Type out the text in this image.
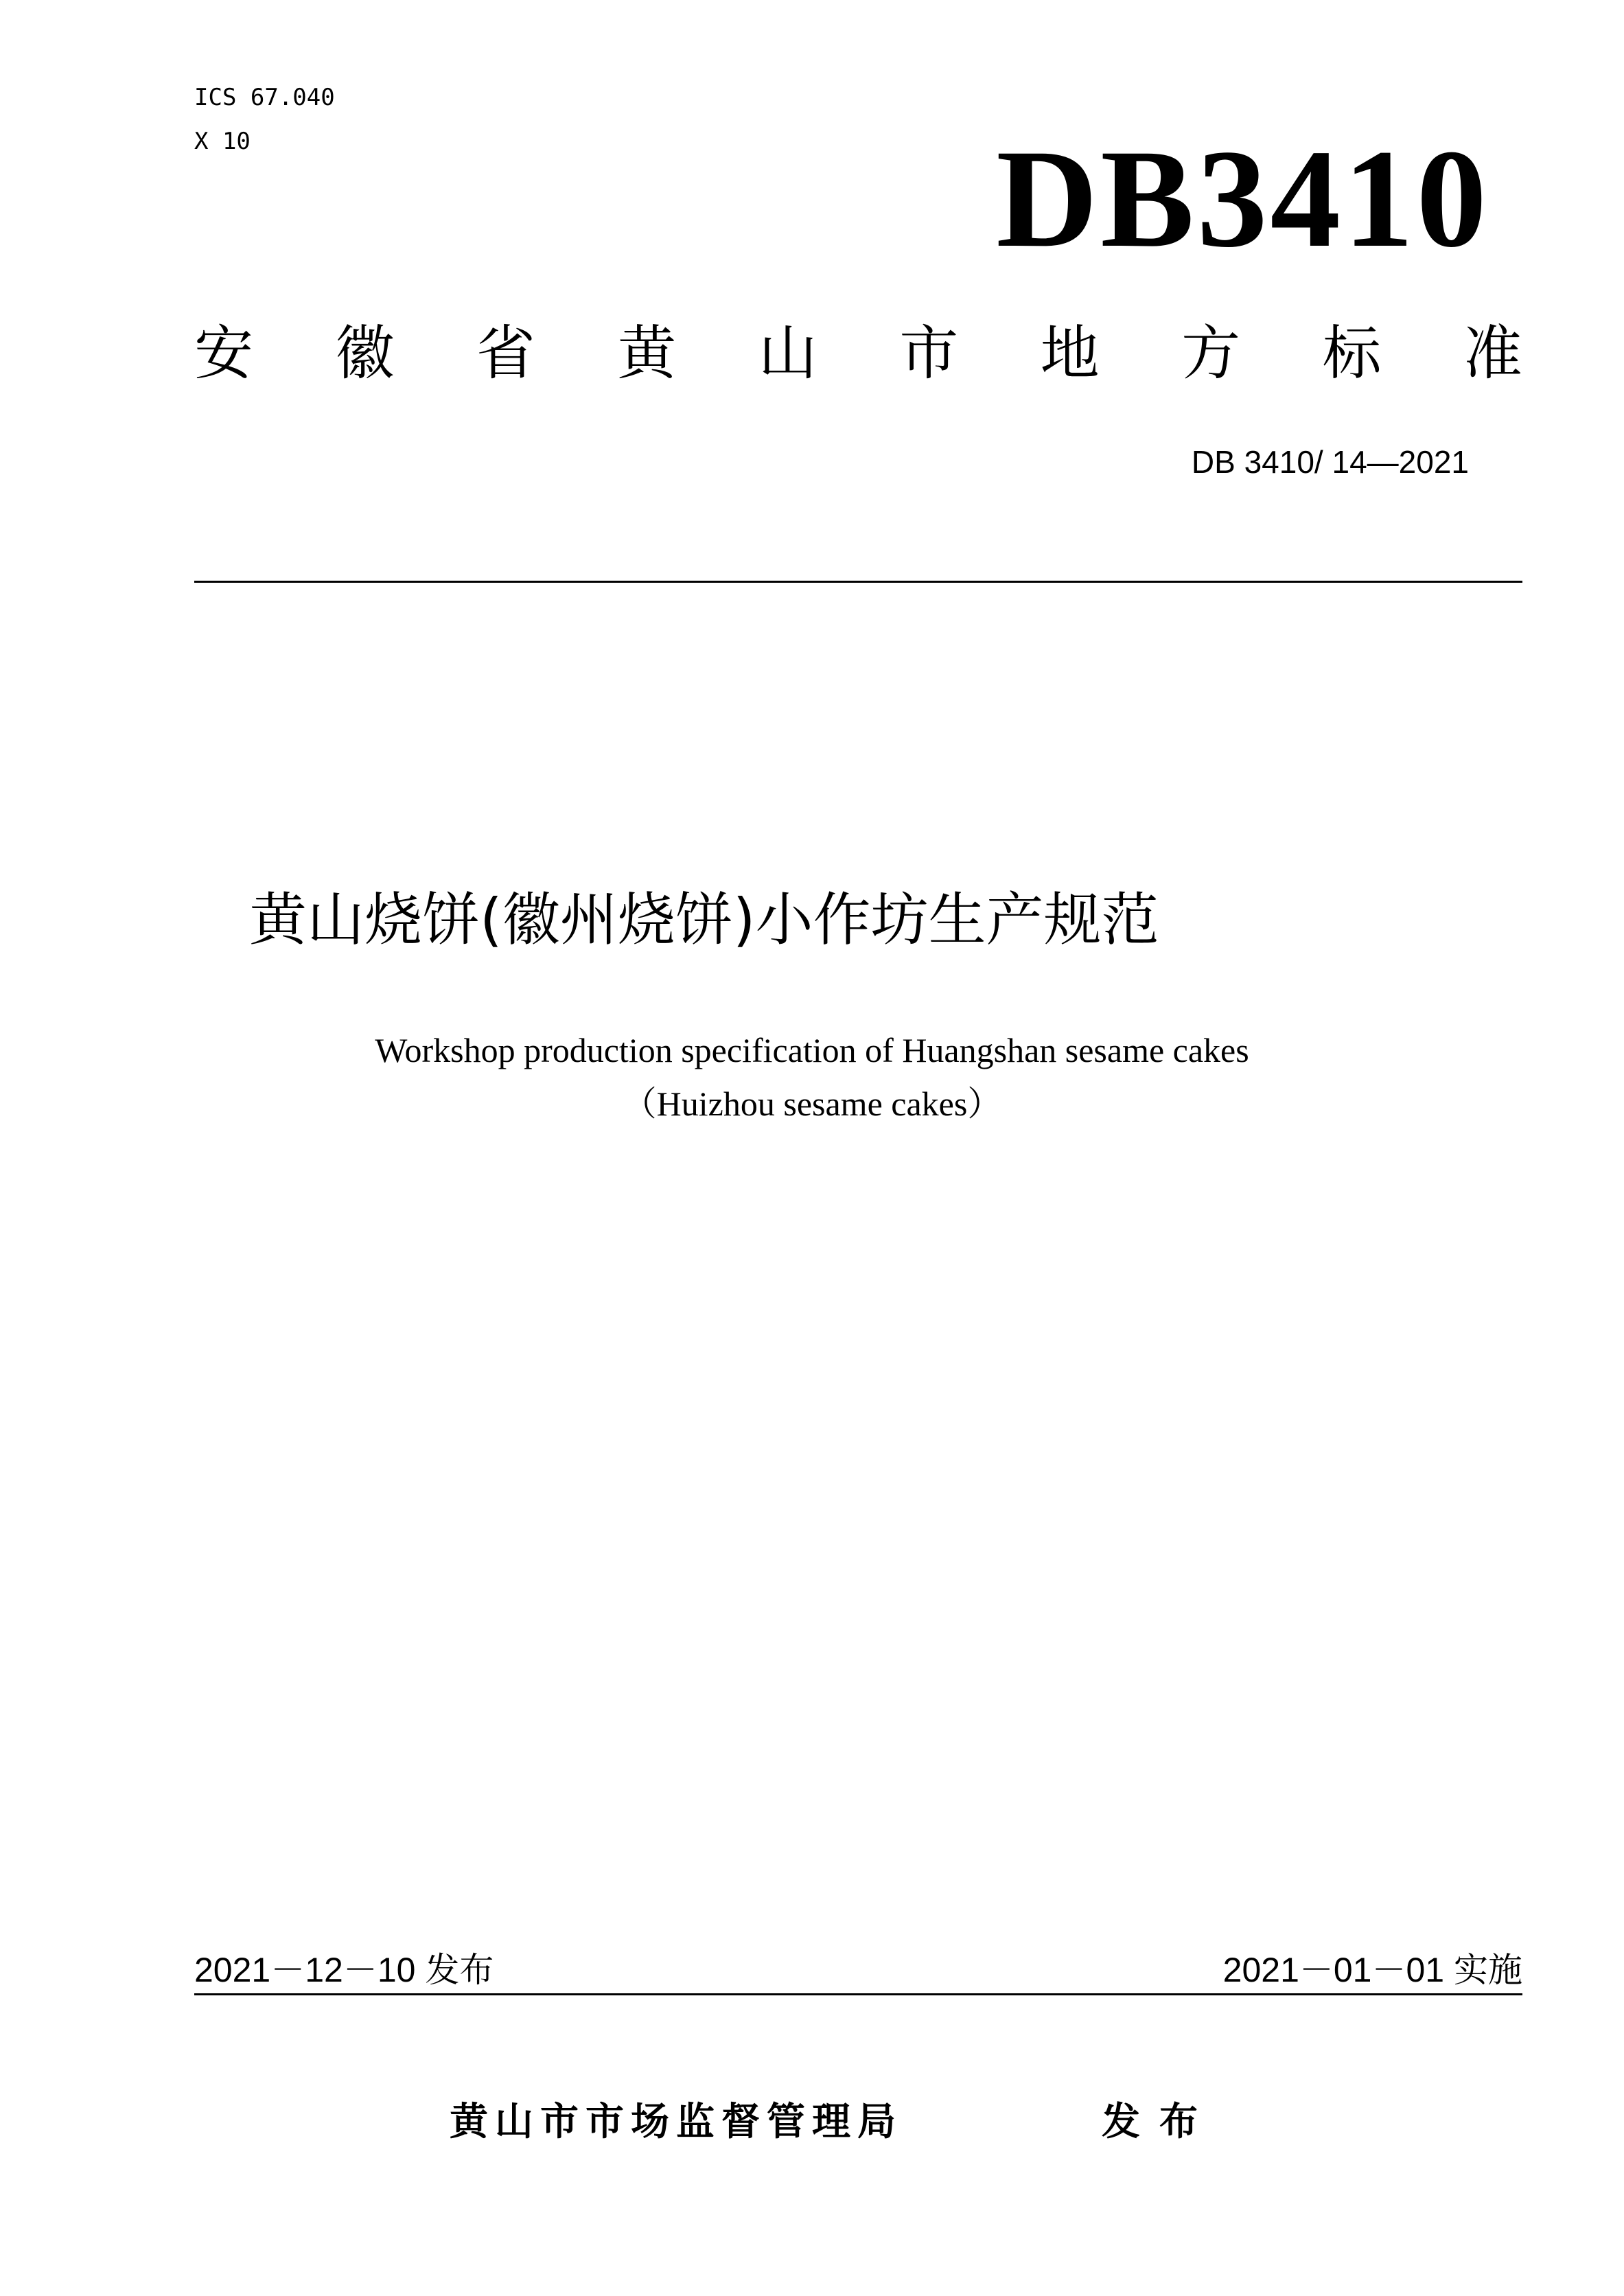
ICS 67.040
X 10	DB3410
安 徽 省 黄 山 市 地 方 标 准
DB 3410/ 14—2021
黄山烧饼(徽州烧饼)小作坊生产规范
Workshop production specification of Huangshan sesame cakes
（Huizhou sesame cakes）
2021－12－10 发布	2021－01－01 实施
黄山市市场监督管理局	发布
